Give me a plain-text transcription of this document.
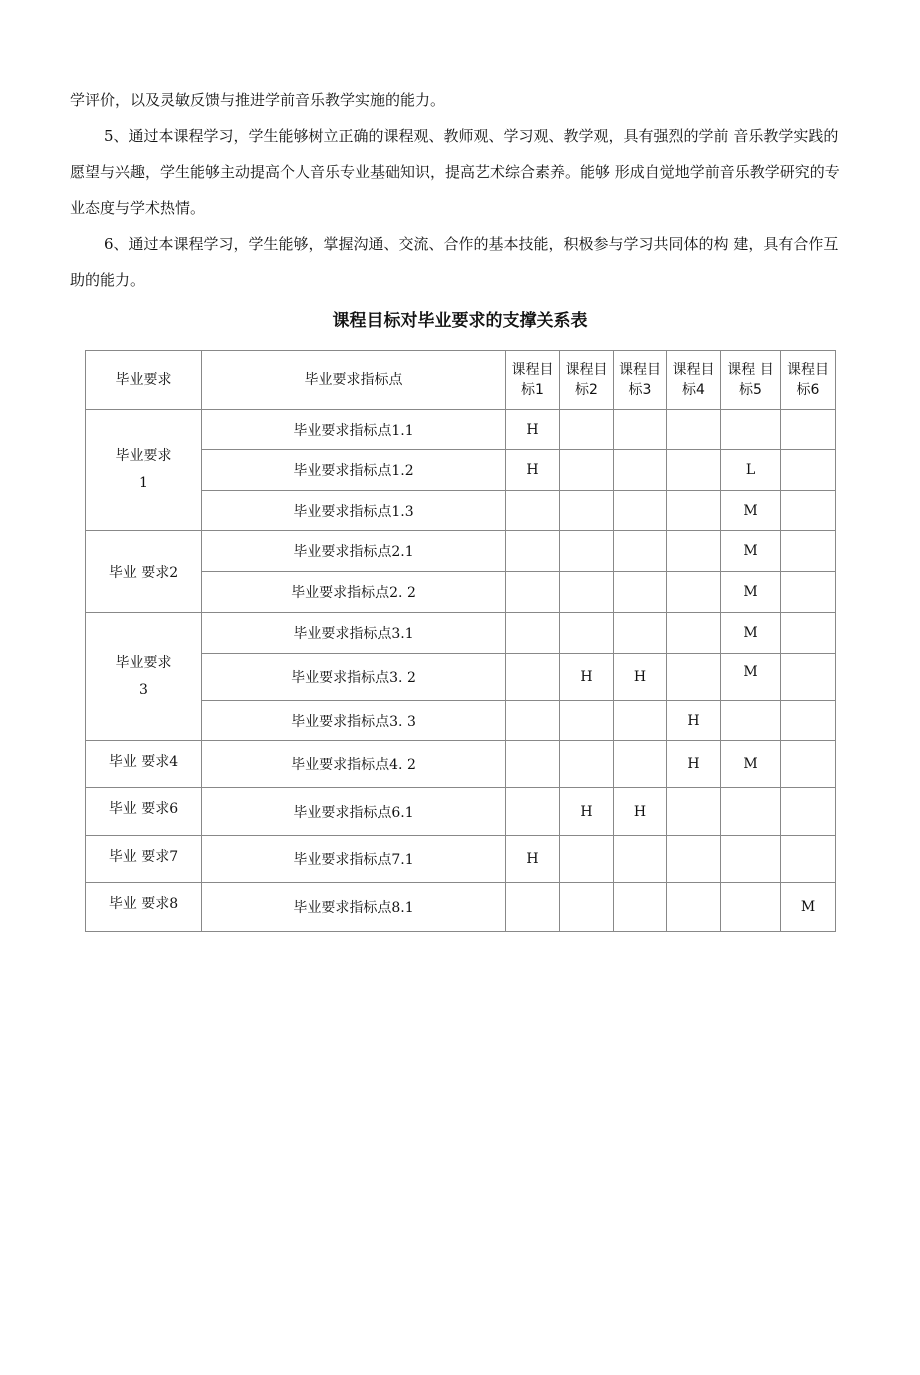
学评价，以及灵敏反馈与推进学前音乐教学实施的能力。

5、通过本课程学习，学生能够树立正确的课程观、教师观、学习观、教学观，具有强烈的学前 音乐教学实践的愿望与兴趣，学生能够主动提高个人音乐专业基础知识，提高艺术综合素养。能够 形成自觉地学前音乐教学研究的专业态度与学术热情。

6、通过本课程学习，学生能够，掌握沟通、交流、合作的基本技能，积极参与学习共同体的构 建，具有合作互助的能力。

课程目标对毕业要求的支撑关系表
毕业要求	毕业要求指标点	课程目标1	课程目标2	课程目标3	课程目标4	课程 目标5	课程目标6
毕业要求1	毕业要求指标点1.1	H					
	毕业要求指标点1.2	H				L	
	毕业要求指标点1.3					M	
毕业 要求2	毕业要求指标点2.1					M	
	毕业要求指标点2. 2					M	
毕业要求3	毕业要求指标点3.1					M	
	毕业要求指标点3. 2		H	H		M	
	毕业要求指标点3. 3				H		
毕业 要求4	毕业要求指标点4. 2				H	M	
毕业 要求6	毕业要求指标点6.1		H	H			
毕业 要求7	毕业要求指标点7.1	H					
毕业 要求8	毕业要求指标点8.1						M
